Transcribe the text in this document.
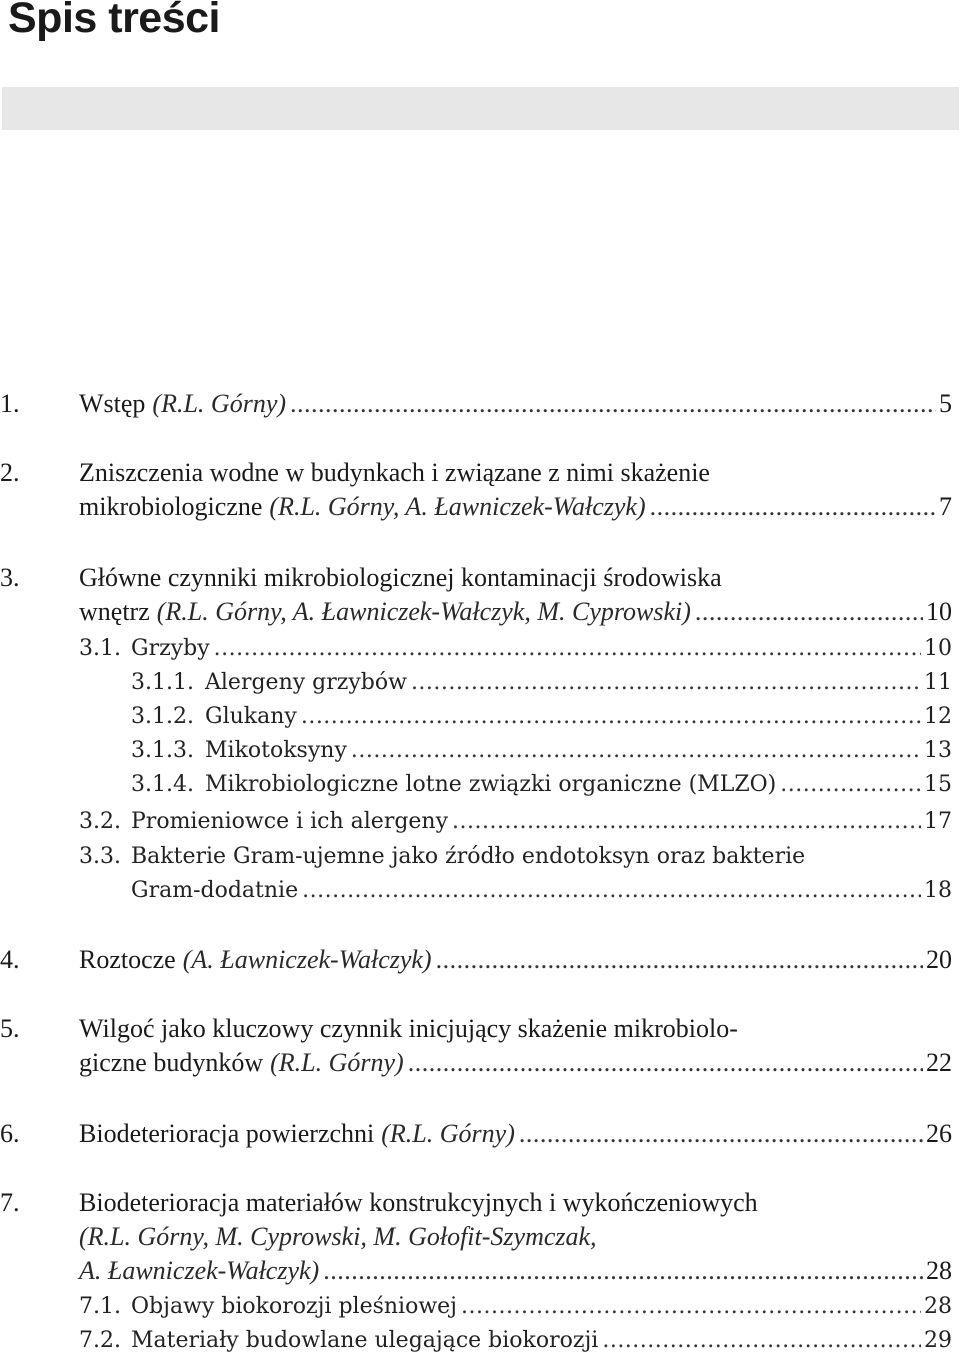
Spis treści
1. Wstęp (R.L. Górny) .....	5
2. Zniszczenia wodne w budynkach i związane z nimi skażenie
mikrobiologiczne (R.L. Górny, A. Ławniczek-Wałczyk) .....	7
3. Główne czynniki mikrobiologicznej kontaminacji środowiska
wnętrz (R.L. Górny, A. Ławniczek-Wałczyk, M. Cyprowski) .....	10
3.1. Grzyby .....	10
3.1.1. Alergeny grzybów .....	11
3.1.2. Glukany .....	12
3.1.3. Mikotoksyny .....	13
3.1.4. Mikrobiologiczne lotne związki organiczne (MLZO) .....	15
3.2. Promieniowce i ich alergeny .....	17
3.3. Bakterie Gram-ujemne jako źródło endotoksyn oraz bakterie
Gram-dodatnie .....	18
4. Roztocze (A. Ławniczek-Wałczyk) .....	20
5. Wilgoć jako kluczowy czynnik inicjujący skażenie mikrobiolo-
giczne budynków (R.L. Górny) .....	22
6. Biodeterioracja powierzchni (R.L. Górny) .....	26
7. Biodeterioracja materiałów konstrukcyjnych i wykończeniowych
(R.L. Górny, M. Cyprowski, M. Gołofit-Szymczak,
A. Ławniczek-Wałczyk) .....	28
7.1. Objawy biokorozji pleśniowej .....	28
7.2. Materiały budowlane ulegające biokorozji .....	29
